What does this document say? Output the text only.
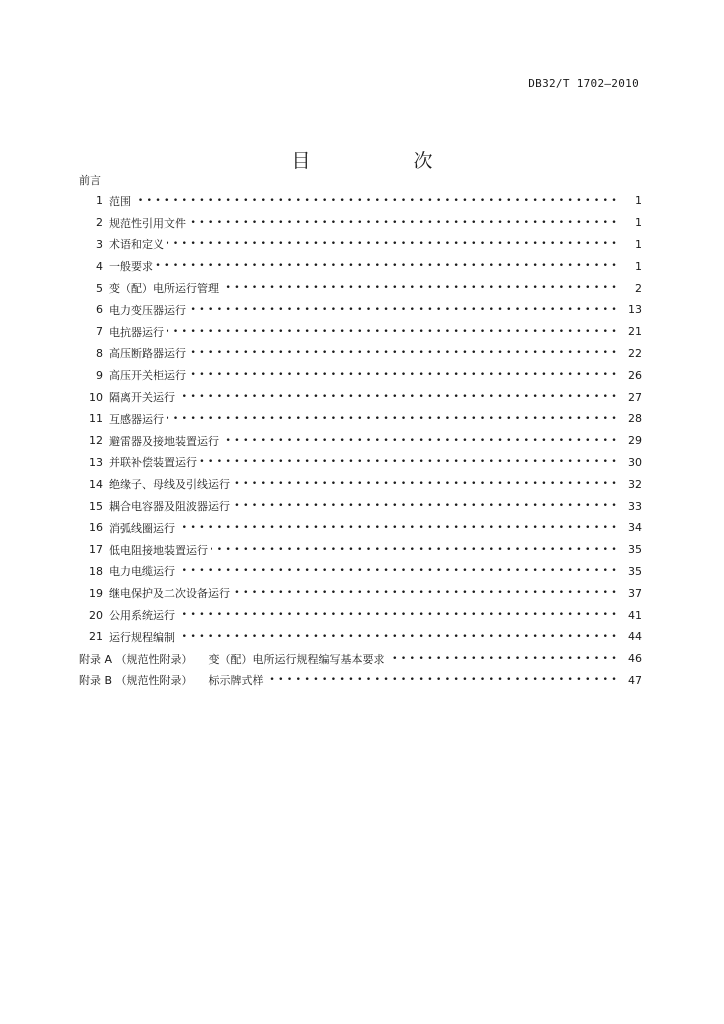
DB32/T 1702—2010
目　次
前言
1 范围 • •	1
2 规范性引用文件 • •	1
3 术语和定义 • •	1
4 一般要求 • •	1
5 变（配）电所运行管理 • •	2
6 电力变压器运行 • •	13
7 电抗器运行 • •	21
8 高压断路器运行 • •	22
9 高压开关柜运行 • •	26
10 隔离开关运行 • •	27
11 互感器运行 • •	28
12 避雷器及接地装置运行 • •	29
13 并联补偿装置运行 • •	30
14 绝缘子、母线及引线运行 • •	32
15 耦合电容器及阻波器运行 • •	33
16 消弧线圈运行 • •	34
17 低电阻接地装置运行 • •	35
18 电力电缆运行 • •	35
19 继电保护及二次设备运行 • •	37
20 公用系统运行 • •	41
21 运行规程编制 • •	44
附录 A （规范性附录） 变（配）电所运行规程编写基本要求 • •	46
附录 B （规范性附录） 标示牌式样 • •	47
